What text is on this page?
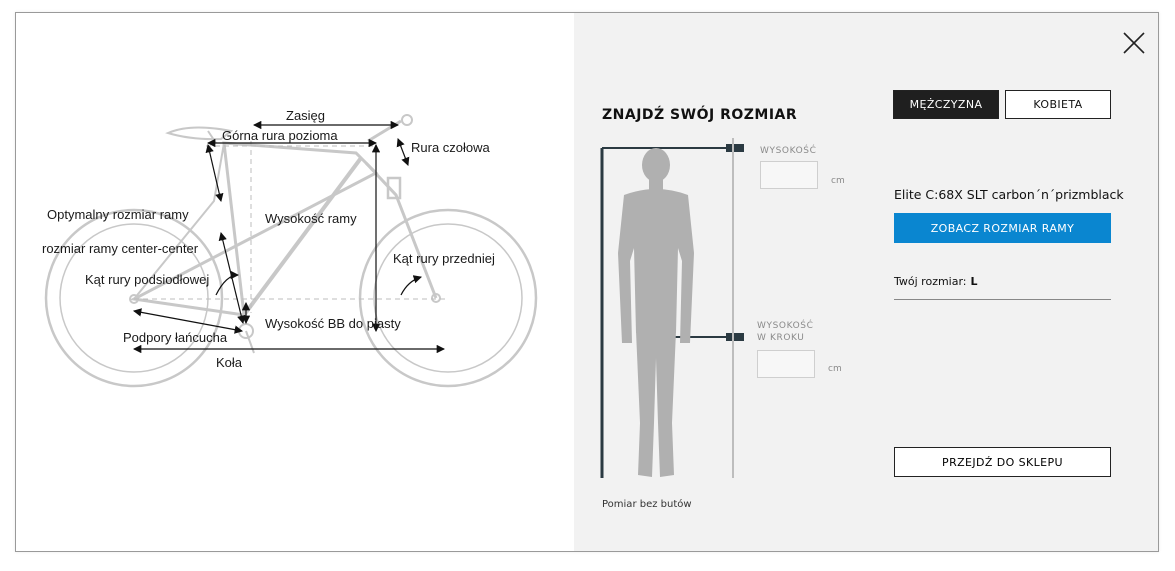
Zasięg
Górna rura pozioma
Rura czołowa
Optymalny rozmiar ramy	Wysokość ramy
rozmiar ramy center-center
Kąt rury podsiodłowej
Kąt rury przedniej
Wysokość BB do piasty
Podpory łańcucha
Koła
ZNAJDŹ SWÓJ ROZMIAR
WYSOKOŚĆ
cm
WYSOKOŚĆ
W KROKU
cm
Pomiar bez butów
MĘŻCZYZNA	KOBIETA
Elite C:68X SLT carbon´n´prizmblack
ZOBACZ ROZMIAR RAMY
Twój rozmiar: L
PRZEJDŹ DO SKLEPU
